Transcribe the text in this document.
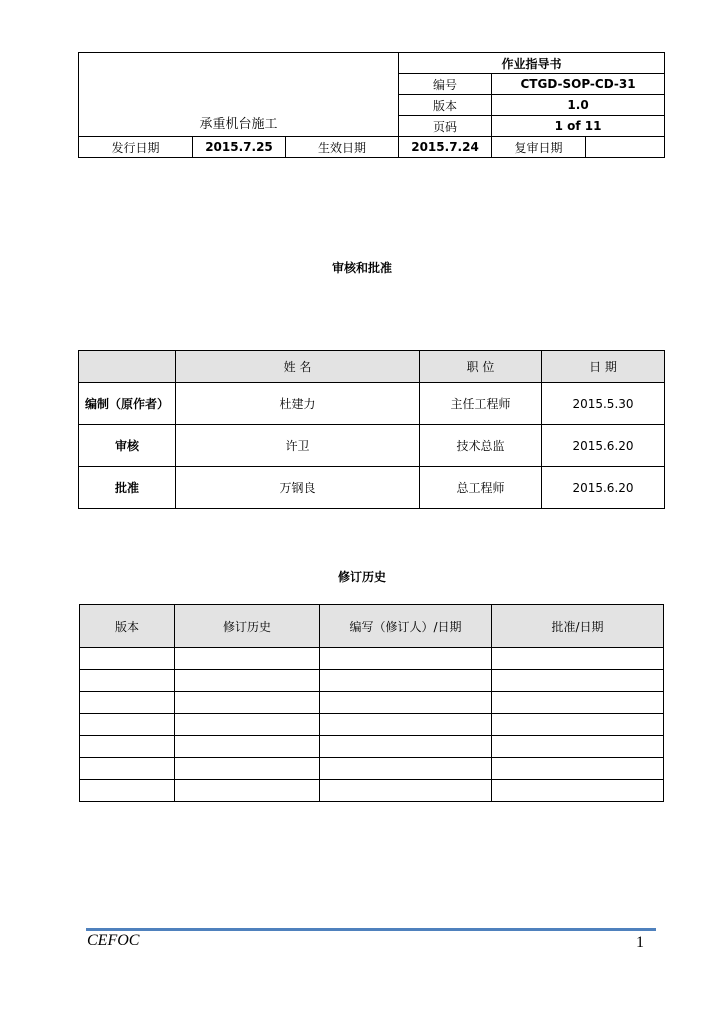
承重机台施工			作业指导书		
			编号	CTGD-SOP-CD-31	
			版本	1.0	
			页码	1 of 11	
发行日期	2015.7.25	生效日期	2015.7.24	复审日期	
审核和批准
	姓 名	职 位	日 期
编制（原作者）	杜建力	主任工程师	2015.5.30
审核	许卫	技术总监	2015.6.20
批准	万钢良	总工程师	2015.6.20
修订历史
版本	修订历史	编写（修订人）/日期	批准/日期

CEFOC	1
